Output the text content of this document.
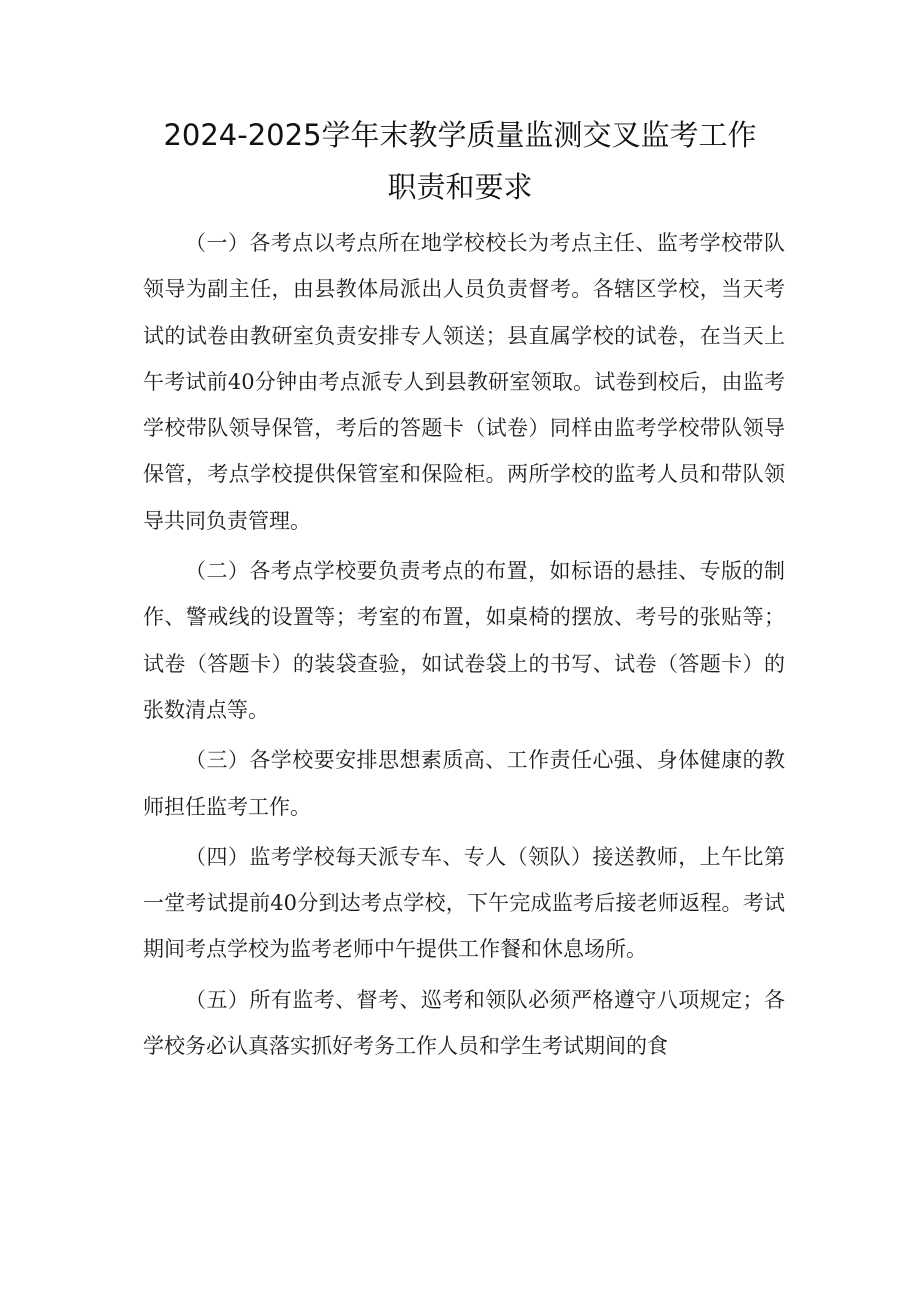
2024-2025学年末教学质量监测交叉监考工作
职责和要求

（一）各考点以考点所在地学校校长为考点主任、监考学校带队领导为副主任，由县教体局派出人员负责督考。各辖区学校，当天考试的试卷由教研室负责安排专人领送；县直属学校的试卷，在当天上午考试前40分钟由考点派专人到县教研室领取。试卷到校后，由监考学校带队领导保管，考后的答题卡（试卷）同样由监考学校带队领导保管，考点学校提供保管室和保险柜。两所学校的监考人员和带队领导共同负责管理。

（二）各考点学校要负责考点的布置，如标语的悬挂、专版的制作、警戒线的设置等；考室的布置，如桌椅的摆放、考号的张贴等；试卷（答题卡）的装袋查验，如试卷袋上的书写、试卷（答题卡）的张数清点等。

（三）各学校要安排思想素质高、工作责任心强、身体健康的教师担任监考工作。

（四）监考学校每天派专车、专人（领队）接送教师，上午比第一堂考试提前40分到达考点学校，下午完成监考后接老师返程。考试期间考点学校为监考老师中午提供工作餐和休息场所。

（五）所有监考、督考、巡考和领队必须严格遵守八项规定；各学校务必认真落实抓好考务工作人员和学生考试期间的食
